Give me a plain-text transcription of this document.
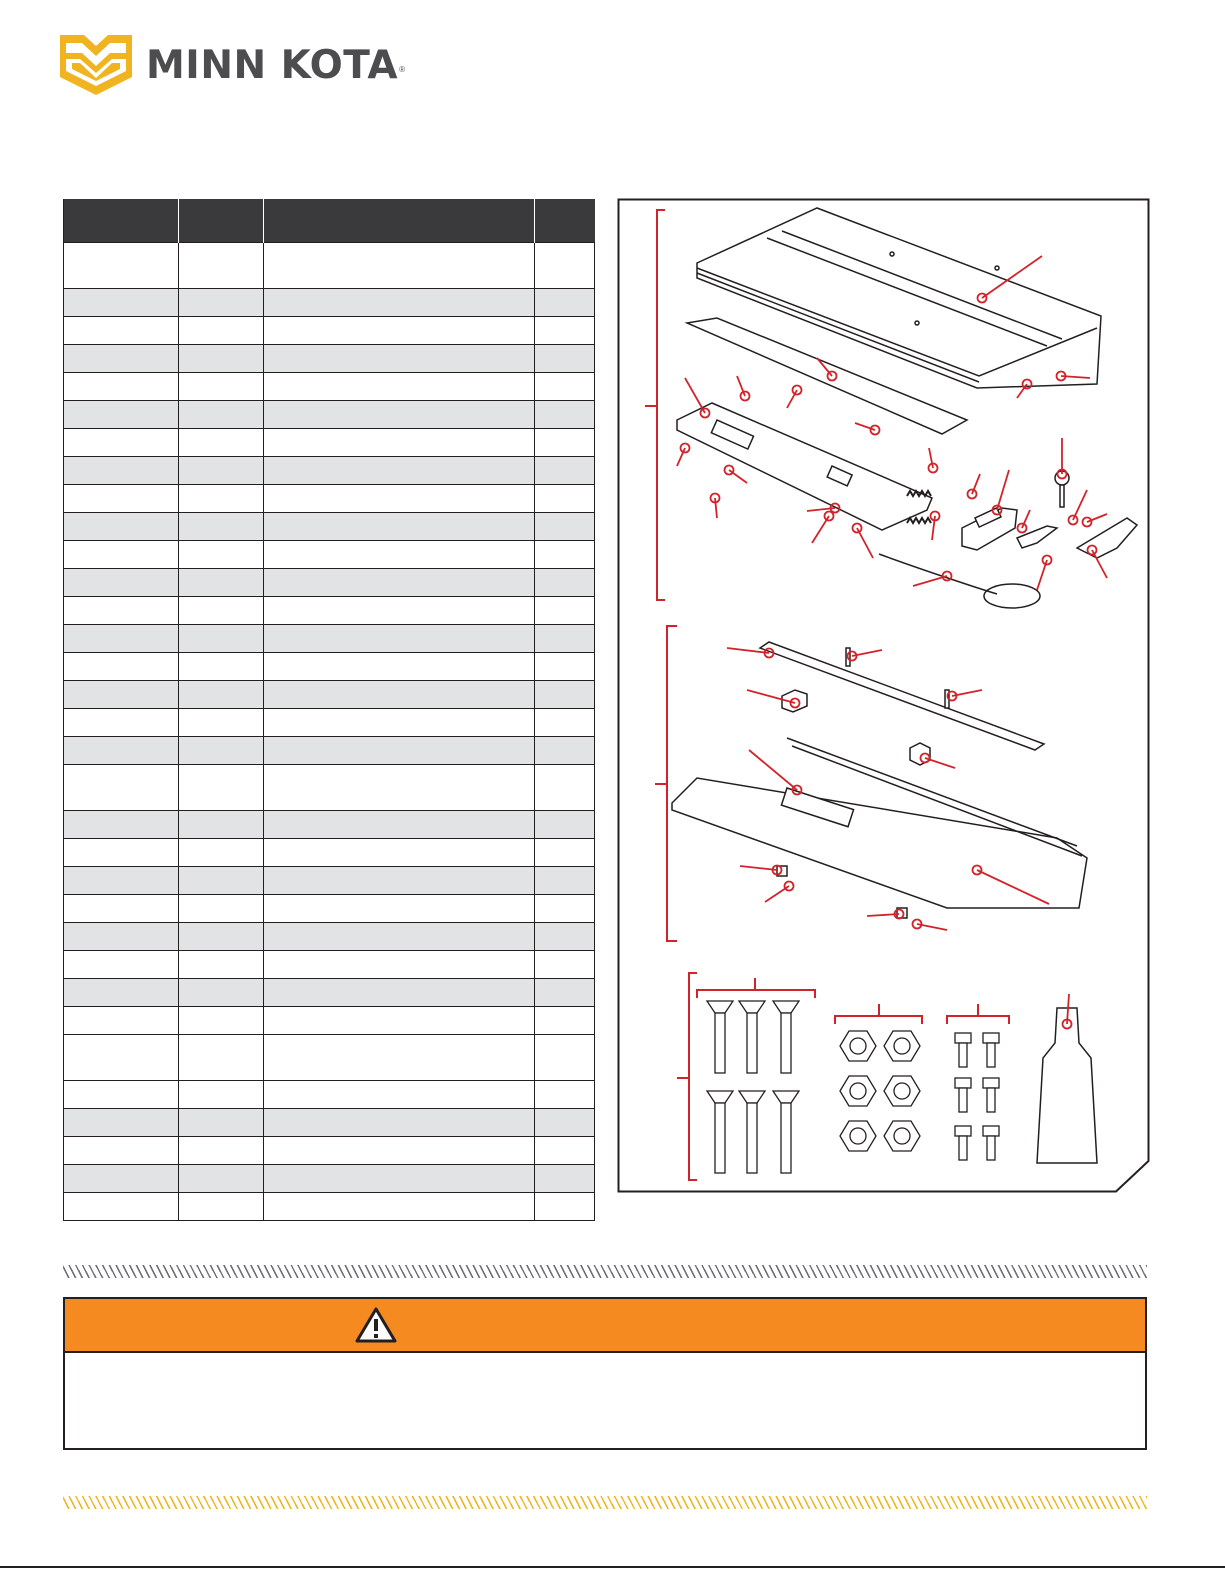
MINN KOTA ®
